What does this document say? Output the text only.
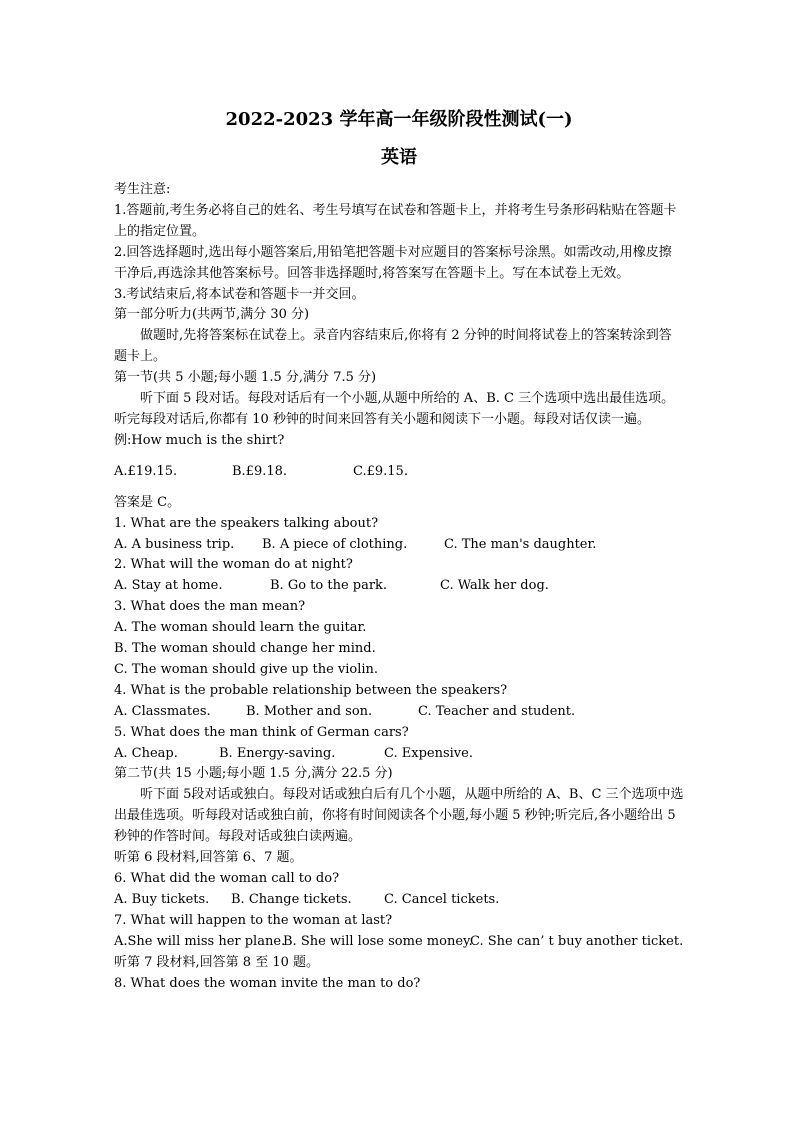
2022-2023 学年高一年级阶段性测试(一)

英语

考生注意:

1.答题前,考生务必将自己的姓名、考生号填写在试卷和答题卡上，并将考生号条形码粘贴在答题卡上的指定位置。

2.回答选择题时,选出每小题答案后,用铅笔把答题卡对应题目的答案标号涂黑。如需改动,用橡皮擦干净后,再选涂其他答案标号。回答非选择题时,将答案写在答题卡上。写在本试卷上无效。

3.考试结束后,将本试卷和答题卡一并交回。

第一部分听力(共两节,满分 30 分)

做题时,先将答案标在试卷上。录音内容结束后,你将有 2 分钟的时间将试卷上的答案转涂到答题卡上。

第一节(共 5 小题;每小题 1.5 分,满分 7.5 分)

听下面 5 段对话。每段对话后有一个小题,从题中所给的 A、B. C 三个选项中选出最佳选项。听完每段对话后,你都有 10 秒钟的时间来回答有关小题和阅读下一小题。每段对话仅读一遍。

例:How much is the shirt?

A.£19.15.	B.£9.18.	C.£9.15.

答案是 C。

1. What are the speakers talking about?

A. A business trip.	B. A piece of clothing.	C. The man's daughter.

2. What will the woman do at night?

A. Stay at home.	B. Go to the park.	C. Walk her dog.

3. What does the man mean?

A. The woman should learn the guitar.

B. The woman should change her mind.

C. The woman should give up the violin.

4. What is the probable relationship between the speakers?

A. Classmates.	B. Mother and son.	C. Teacher and student.

5. What does the man think of German cars?

A. Cheap.	B. Energy-saving.	C. Expensive.

第二节(共 15 小题;每小题 1.5 分,满分 22.5 分)

听下面 5段对话或独白。每段对话或独白后有几个小题，从题中所给的 A、B、C 三个选项中选出最佳选项。听每段对话或独白前，你将有时间阅读各个小题,每小题 5 秒钟;听完后,各小题给出 5 秒钟的作答时间。每段对话或独白读两遍。

听第 6 段材料,回答第 6、7 题。

6. What did the woman call to do?

A. Buy tickets.	B. Change tickets.	C. Cancel tickets.

7. What will happen to the woman at last?

A.She will miss her plane.
B. She will lose some money.
C. She can’ t buy another ticket.

听第 7 段材料,回答第 8 至 10 题。

8. What does the woman invite the man to do?
